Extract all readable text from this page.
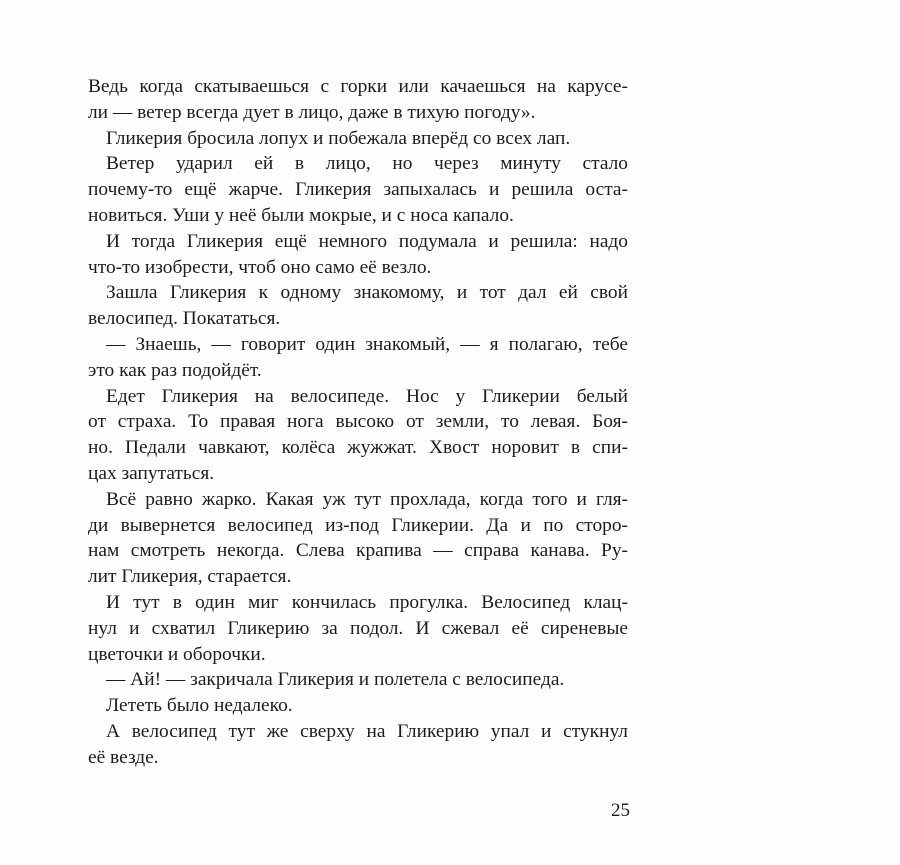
Ведь когда скатываешься с горки или качаешься на карусе-
ли — ветер всегда дует в лицо, даже в тихую погоду».
Гликерия бросила лопух и побежала вперёд со всех лап.
Ветер ударил ей в лицо, но через минуту стало
почему-то ещё жарче. Гликерия запыхалась и решила оста-
новиться. Уши у неё были мокрые, и с носа капало.
И тогда Гликерия ещё немного подумала и решила: надо
что-то изобрести, чтоб оно само её везло.
Зашла Гликерия к одному знакомому, и тот дал ей свой
велосипед. Покататься.
— Знаешь, — говорит один знакомый, — я полагаю, тебе
это как раз подойдёт.
Едет Гликерия на велосипеде. Нос у Гликерии белый
от страха. То правая нога высоко от земли, то левая. Боя-
но. Педали чавкают, колёса жужжат. Хвост норовит в спи-
цах запутаться.
Всё равно жарко. Какая уж тут прохлада, когда того и гля-
ди вывернется велосипед из-под Гликерии. Да и по сторо-
нам смотреть некогда. Слева крапива — справа канава. Ру-
лит Гликерия, старается.
И тут в один миг кончилась прогулка. Велосипед клац-
нул и схватил Гликерию за подол. И сжевал её сиреневые
цветочки и оборочки.
— Ай! — закричала Гликерия и полетела с велосипеда.
Лететь было недалеко.
А велосипед тут же сверху на Гликерию упал и стукнул
её везде.
25
